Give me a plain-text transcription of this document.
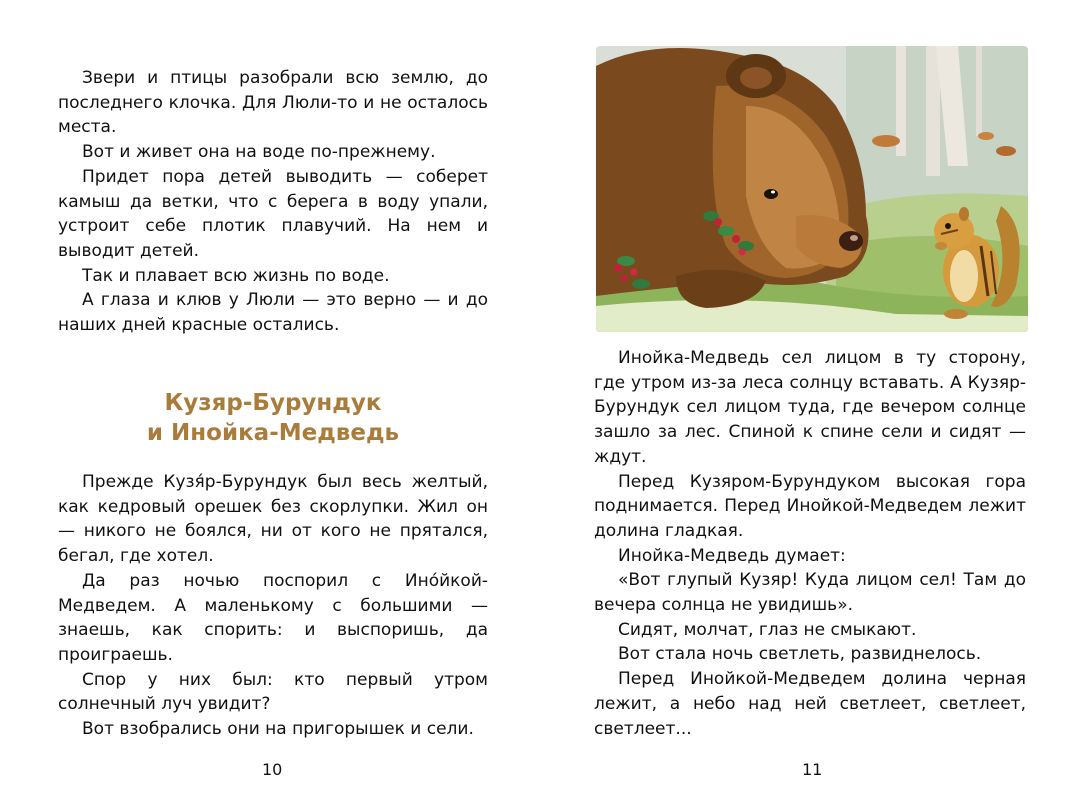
Звери и птицы разобрали всю землю, до последнего клочка. Для Люли-то и не осталось места.

Вот и живет она на воде по-прежнему.

Придет пора детей выводить — соберет камыш да ветки, что с берега в воду упали, устроит себе плотик плавучий. На нем и выводит детей.

Так и плавает всю жизнь по воде.

А глаза и клюв у Люли — это верно — и до наших дней красные остались.

Кузяр-Бурундук
и Инойка-Медведь

Прежде Кузя́р-Бурундук был весь желтый, как кедровый орешек без скорлупки. Жил он — никого не боялся, ни от кого не прятался, бегал, где хотел.

Да раз ночью поспорил с Ино́йкой-Медведем. А маленькому с большими — знаешь, как спорить: и выспоришь, да проиграешь.

Спор у них был: кто первый утром солнечный луч увидит?

Вот взобрались они на пригорышек и сели.

10

Инойка-Медведь сел лицом в ту сторону, где утром из-за леса солнцу вставать. А Кузяр-Бурундук сел лицом туда, где вечером солнце зашло за лес. Спиной к спине сели и сидят — ждут.

Перед Кузяром-Бурундуком высокая гора поднимается. Перед Инойкой-Медведем лежит долина гладкая.

Инойка-Медведь думает:

«Вот глупый Кузяр! Куда лицом сел! Там до вечера солнца не увидишь».

Сидят, молчат, глаз не смыкают.

Вот стала ночь светлеть, развиднелось.

Перед Инойкой-Медведем долина черная лежит, а небо над ней светлеет, светлеет, светлеет...

11
